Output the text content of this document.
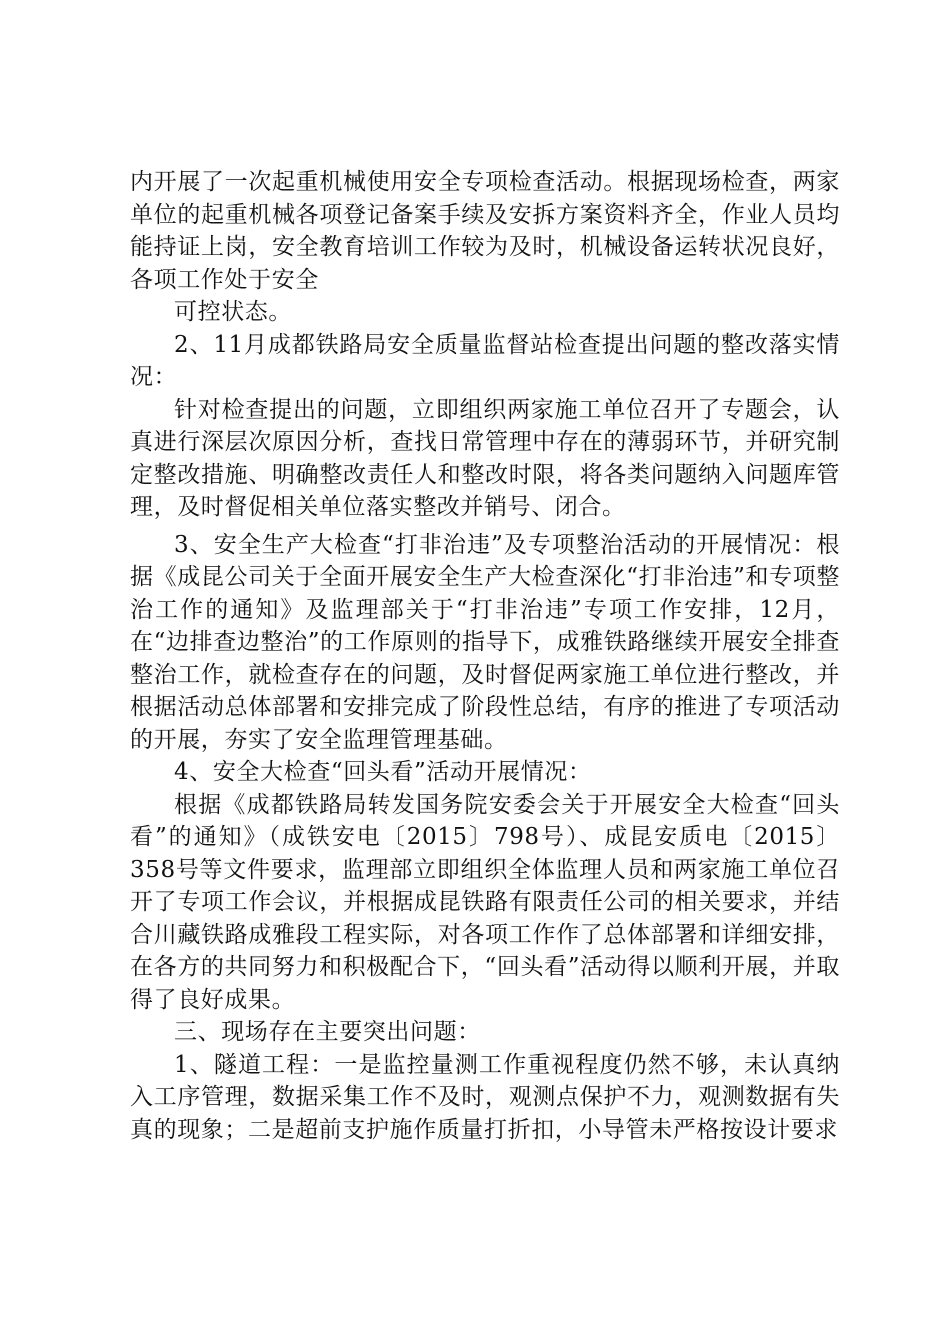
内开展了一次起重机械使用安全专项检查活动。根据现场检查，两家单位的起重机械各项登记备案手续及安拆方案资料齐全，作业人员均能持证上岗，安全教育培训工作较为及时，机械设备运转状况良好，各项工作处于安全

可控状态。

2、11月成都铁路局安全质量监督站检查提出问题的整改落实情况：

针对检查提出的问题，立即组织两家施工单位召开了专题会，认真进行深层次原因分析，查找日常管理中存在的薄弱环节，并研究制定整改措施、明确整改责任人和整改时限，将各类问题纳入问题库管理，及时督促相关单位落实整改并销号、闭合。

3、安全生产大检查“打非治违”及专项整治活动的开展情况：根据《成昆公司关于全面开展安全生产大检查深化“打非治违”和专项整治工作的通知》及监理部关于“打非治违”专项工作安排，12月，在“边排查边整治”的工作原则的指导下，成雅铁路继续开展安全排查整治工作，就检查存在的问题，及时督促两家施工单位进行整改，并根据活动总体部署和安排完成了阶段性总结，有序的推进了专项活动的开展，夯实了安全监理管理基础。

4、安全大检查“回头看”活动开展情况：

根据《成都铁路局转发国务院安委会关于开展安全大检查“回头看”的通知》（成铁安电〔2015〕798号）、成昆安质电〔2015〕358号等文件要求，监理部立即组织全体监理人员和两家施工单位召开了专项工作会议，并根据成昆铁路有限责任公司的相关要求，并结合川藏铁路成雅段工程实际，对各项工作作了总体部署和详细安排，在各方的共同努力和积极配合下，“回头看”活动得以顺利开展，并取得了良好成果。

三、现场存在主要突出问题：

1、隧道工程：一是监控量测工作重视程度仍然不够，未认真纳入工序管理，数据采集工作不及时，观测点保护不力，观测数据有失真的现象；二是超前支护施作质量打折扣，小导管未严格按设计要求
